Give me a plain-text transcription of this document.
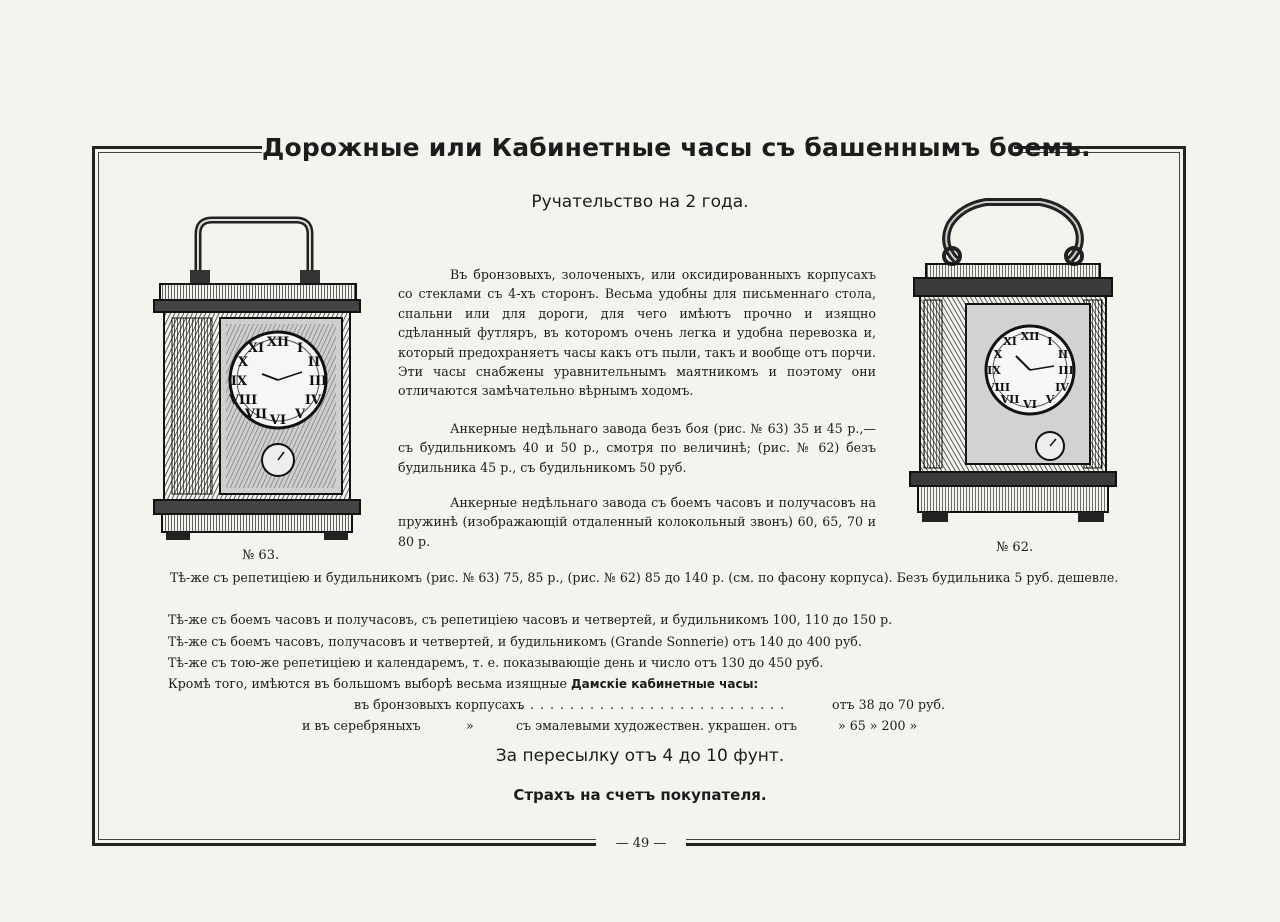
Дорожные или Кабинетные часы съ башеннымъ боемъ.
Ручательство на 2 года.
XII I
II
III
IV
V
VI
VII
VIII
IX
X
XI
XII I
II
III
IV
V
VI
VII
VIII
IX
X
XI
№ 63.
№ 62.
Въ бронзовыхъ, золоченыхъ, или оксидированныхъ корпусахъ со стеклами съ 4-хъ сторонъ. Весьма удобны для письменнаго стола, спальни или для дороги, для чего имѣютъ прочно и изящно сдѣланный футляръ, въ которомъ очень легка и удобна перевозка и, который предохраняетъ часы какъ отъ пыли, такъ и вообще отъ порчи. Эти часы снабжены уравнительнымъ маятникомъ и поэтому они отличаются замѣчательно вѣрнымъ ходомъ.
Анкерные недѣльнаго завода безъ боя (рис. № 63) 35 и 45 р.,—съ будильникомъ 40 и 50 р., смотря по величинѣ; (рис. № 62) безъ будильника 45 р., съ будильникомъ 50 руб.
Анкерные недѣльнаго завода съ боемъ часовъ и получасовъ на пружинѣ (изображающій отдаленный колокольный звонъ) 60, 65, 70 и 80 р.
Тѣ-же съ репетиціею и будильникомъ (рис. № 63) 75, 85 р., (рис. № 62) 85 до 140 р. (см. по фасону корпуса). Безъ будильника 5 руб. дешевле.
Тѣ-же съ боемъ часовъ и получасовъ, съ репетиціею часовъ и четвертей, и будильникомъ 100, 110 до 150 р.
Тѣ-же съ боемъ часовъ, получасовъ и четвертей, и будильникомъ (Grande Sonnerie) отъ 140 до 400 руб.
Тѣ-же съ тою-же репетиціею и календаремъ, т. е. показывающіе день и число отъ 130 до 450 руб.
Кромѣ того, имѣются въ большомъ выборѣ весьма изящные Дамскіе кабинетные часы:
въ бронзовыхъ корпусахъ
. . . . . . . . . . . . . . . . . . . . . . . . . . .	отъ 38 до 70 руб.
и въ серебряныхъ	»	съ эмалевыми художествен. украшен. отъ	» 65 » 200 »
За пересылку отъ 4 до 10 фунт.
Страхъ на счетъ покупателя.
— 49 —
